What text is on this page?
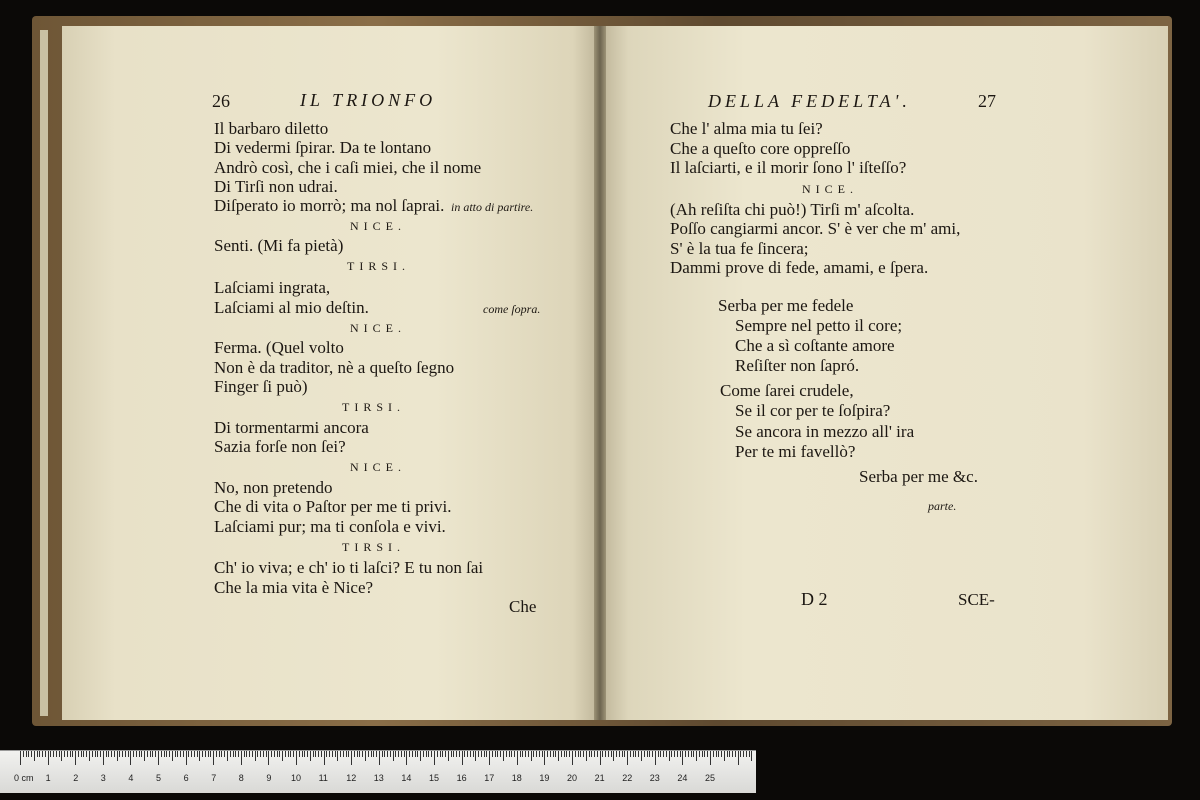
26	IL TRIONFO
Il barbaro diletto
Di vedermi ſpirar. Da te lontano
Andrò così, che i caſi miei, che il nome
Di Tirſi non udrai.
Diſperato io morrò; ma nol ſaprai. in atto di partire.
NICE.
Senti. (Mi fa pietà)
TIRSI.
Laſciami ingrata,
Laſciami al mio deſtin.	come ſopra.
NICE.
Ferma. (Quel volto
Non è da traditor, nè a queſto ſegno
Finger ſi può)
TIRSI.
Di tormentarmi ancora
Sazia forſe non ſei?
NICE.
No, non pretendo
Che di vita o Paſtor per me ti privi.
Laſciami pur; ma ti conſola e vivi.
TIRSI.
Ch' io viva; e ch' io ti laſci? E tu non ſai
Che la mia vita è Nice?
Che
DELLA FEDELTA'.	27
Che l' alma mia tu ſei?
Che a queſto core oppreſſo
Il laſciarti, e il morir ſono l' iſteſſo?
NICE.
(Ah reſiſta chi può!) Tirſi m' aſcolta.
Poſſo cangiarmi ancor. S' è ver che m' ami,
S' è la tua fe ſincera;
Dammi prove di fede, amami, e ſpera.
Serba per me fedele
Sempre nel petto il core;
Che a sì coſtante amore
Reſiſter non ſapró.
Come ſarei crudele,
Se il cor per te ſoſpira?
Se ancora in mezzo all' ira
Per te mi favellò?
Serba per me &c.
parte.
D 2	SCE-
0 cm 1	2	3	4	5	6	7	8	9 10 11 12 13 14 15 16 17 18 19 20 21 22 23 24 25
